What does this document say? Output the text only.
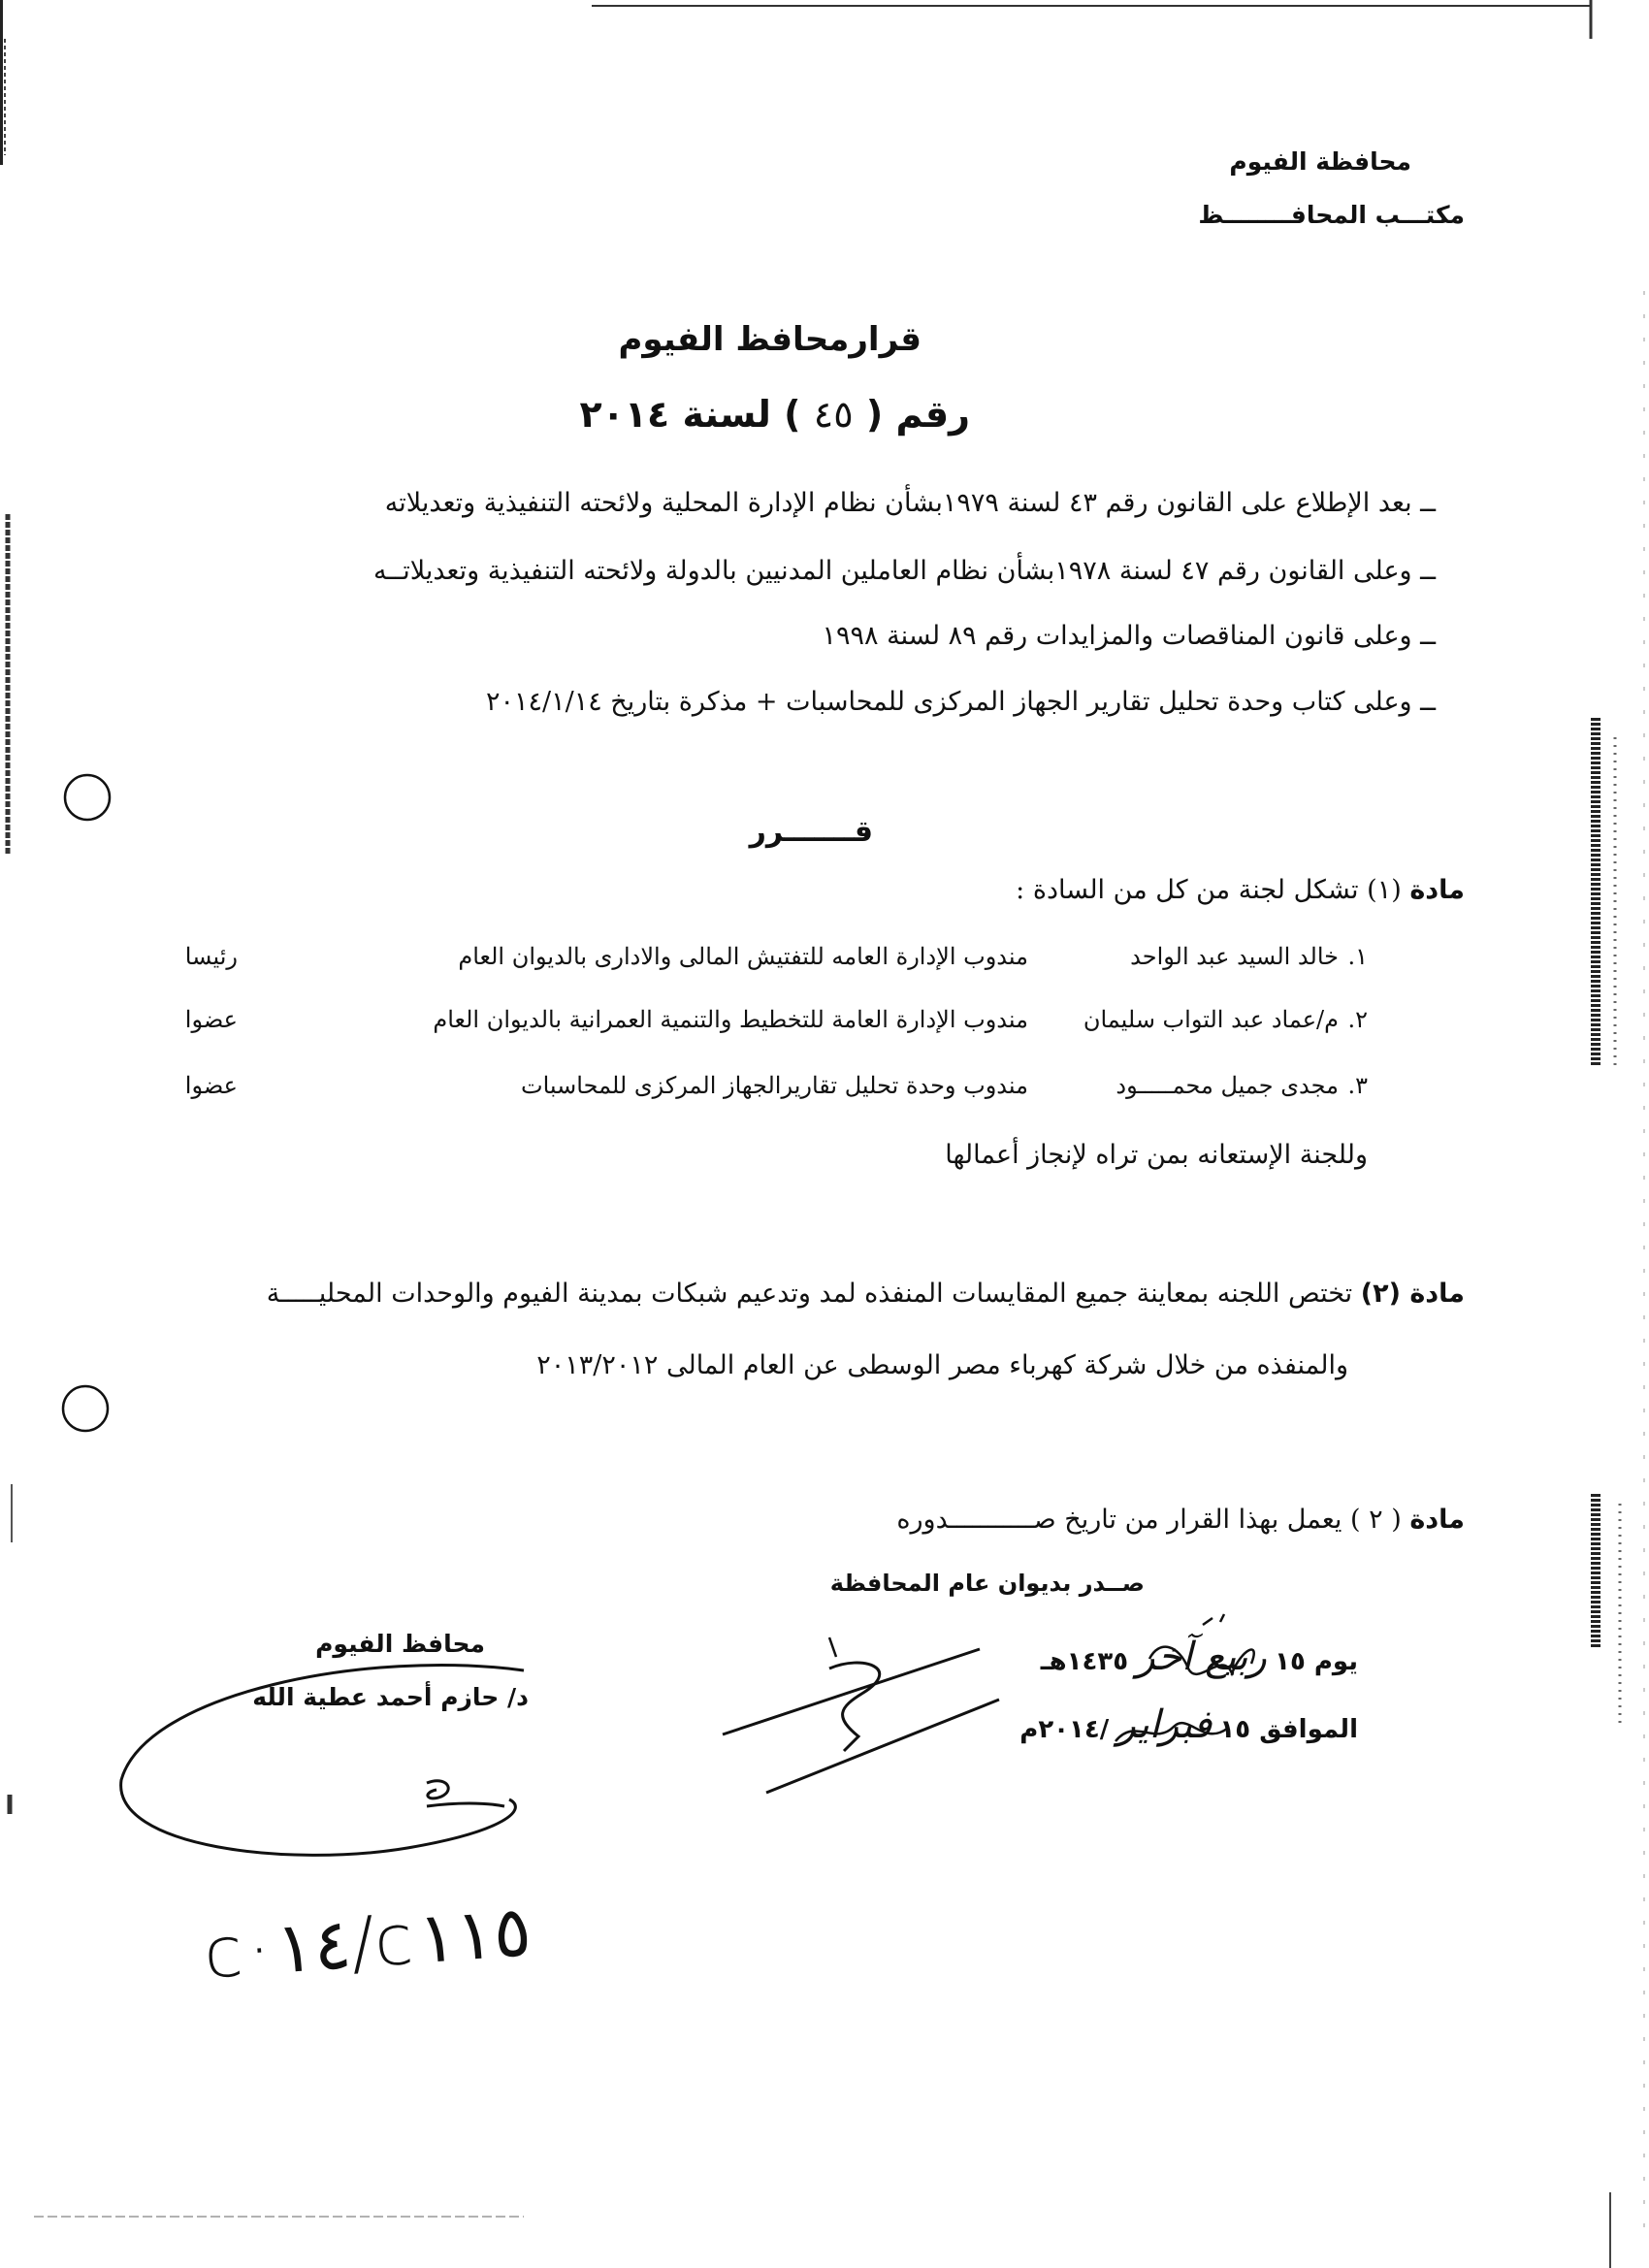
محافظة الفيوم
مكتـــب المحافــــــــظ
قرارمحافظ الفيوم
رقم ( ٤٥ ) لسنة ٢٠١٤
ــ بعد الإطلاع على القانون رقم ٤٣ لسنة ١٩٧٩بشأن نظام الإدارة المحلية ولائحته التنفيذية وتعديلاته
ــ وعلى القانون رقم ٤٧ لسنة ١٩٧٨بشأن نظام العاملين المدنيين بالدولة ولائحته التنفيذية وتعديلاتــه
ــ وعلى قانون المناقصات والمزايدات رقم ٨٩ لسنة ١٩٩٨
ــ وعلى كتاب وحدة تحليل تقارير الجهاز المركزى للمحاسبات + مذكرة بتاريخ ٢٠١٤/١/١٤
قـــــــرر
مادة (١) تشكل لجنة من كل من السادة :
١.
خالد السيد عبد الواحد
مندوب الإدارة العامه للتفتيش المالى والادارى بالديوان العام
رئيسا
٢.
م/عماد عبد التواب سليمان
مندوب الإدارة العامة للتخطيط والتنمية العمرانية بالديوان العام
عضوا
٣.
مجدى جميل محمـــــود
مندوب وحدة تحليل تقاريرالجهاز المركزى للمحاسبات
عضوا
وللجنة الإستعانه بمن تراه لإنجاز أعمالها
مادة (٢) تختص اللجنه بمعاينة جميع المقايسات المنفذه لمد وتدعيم شبكات بمدينة الفيوم والوحدات المحليـــــة
والمنفذه من خلال شركة كهرباء مصر الوسطى عن العام المالى ٢٠١٣/٢٠١٢
مادة ( ٢ ) يعمل بهذا القرار من تاريخ صـــــــــــدوره
صــدر بديوان عام المحافظة
يوم ١٥ ربيع آخر ١٤٣٥هـ
الموافق ١٥ فبراير /٢٠١٤م
محافظ الفيوم
د/ حازم أحمد عطية الله
c·١٤/c١١٥
